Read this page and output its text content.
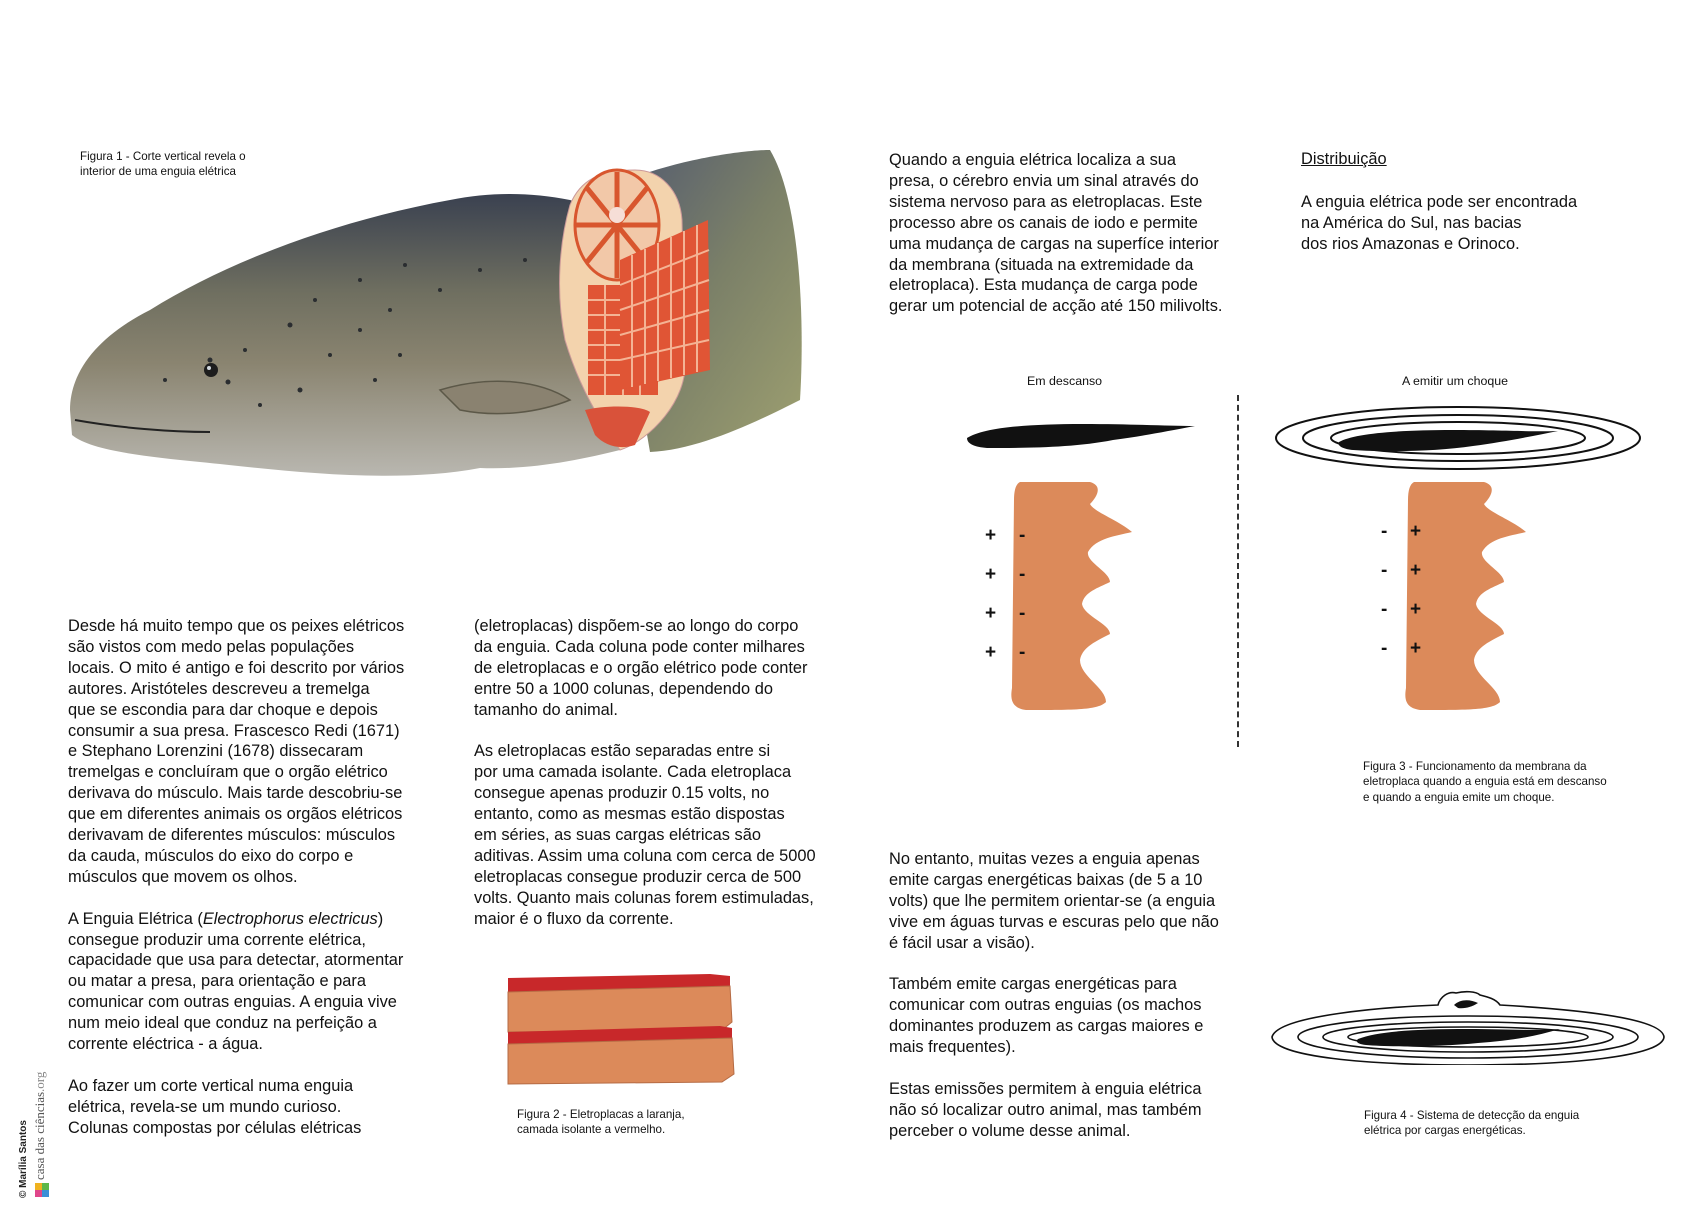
Figura 1 - Corte vertical revela o
interior de uma enguia elétrica

Desde há muito tempo que os peixes elétricos
são vistos com medo pelas populações
locais. O mito é antigo e foi descrito por vários
autores. Aristóteles descreveu a tremelga
que se escondia para dar choque e depois
consumir a sua presa. Frascesco Redi (1671)
e Stephano Lorenzini (1678) dissecaram
tremelgas e concluíram que o orgão elétrico
derivava do músculo. Mais tarde descobriu-se
que em diferentes animais os orgãos elétricos
derivavam de diferentes músculos: músculos
da cauda, músculos do eixo do corpo e
músculos que movem os olhos.

A Enguia Elétrica (Electrophorus electricus)
consegue produzir uma corrente elétrica,
capacidade que usa para detectar, atormentar
ou matar a presa, para orientação e para
comunicar com outras enguias. A enguia vive
num meio ideal que conduz na perfeição a
corrente eléctrica - a água.

Ao fazer um corte vertical numa enguia
elétrica, revela-se um mundo curioso.
Colunas compostas por células elétricas

(eletroplacas) dispõem-se ao longo do corpo
da enguia. Cada coluna pode conter milhares
de eletroplacas e o orgão elétrico pode conter
entre 50 a 1000 colunas, dependendo do
tamanho do animal.

As eletroplacas estão separadas entre si
por uma camada isolante. Cada eletroplaca
consegue apenas produzir 0.15 volts, no
entanto, como as mesmas estão dispostas
em séries, as suas cargas elétricas são
aditivas. Assim uma coluna com cerca de 5000
eletroplacas consegue produzir cerca de 500
volts. Quanto mais colunas forem estimuladas,
maior é o fluxo da corrente.

Figura 2 - Eletroplacas a laranja,
camada isolante a vermelho.

Quando a enguia elétrica localiza a sua
presa, o cérebro envia um sinal através do
sistema nervoso para as eletroplacas. Este
processo abre os canais de iodo e permite
uma mudança de cargas na superfíce interior
da membrana (situada na extremidade da
eletroplaca). Esta mudança de carga pode
gerar um potencial de acção até 150 milivolts.

No entanto, muitas vezes a enguia apenas
emite cargas energéticas baixas (de 5 a 10
volts) que lhe permitem orientar-se (a enguia
vive em águas turvas e escuras pelo que não
é fácil usar a visão).

Também emite cargas energéticas para
comunicar com outras enguias (os machos
dominantes produzem as cargas maiores e
mais frequentes).

Estas emissões permitem à enguia elétrica
não só localizar outro animal, mas também
perceber o volume desse animal.

Distribuição

A enguia elétrica pode ser encontrada
na América do Sul, nas bacias
dos rios Amazonas e Orinoco.

Em descanso	A emitir um choque
+
+
+
+
-
-
-
-
-
-
-
-
+
+
+
+

Figura 3 - Funcionamento da membrana da
eletroplaca quando a enguia está em descanso
e quando a enguia emite um choque.

Figura 4 - Sistema de detecção da enguia
elétrica por cargas energéticas.

© Marília Santos casa das ciências.org
